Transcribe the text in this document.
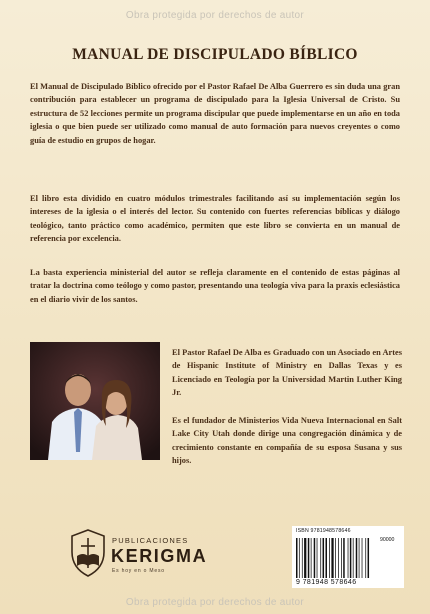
Obra protegida por derechos de autor
MANUAL DE DISCIPULADO BÍBLICO
El Manual de Discipulado Bíblico ofrecido por el Pastor Rafael De Alba Guerrero es sin duda una gran contribución para establecer un programa de discipulado para la Iglesia Universal de Cristo. Su estructura de 52 lecciones permite un programa discipular que puede implementarse en un año en toda iglesia o que bien puede ser utilizado como manual de auto formación para nuevos creyentes o como guía de estudio en grupos de hogar.
El libro esta dividido en cuatro módulos trimestrales facilitando así su implementación según los intereses de la iglesia o el interés del lector. Su contenido con fuertes referencias bíblicas y diálogo teológico, tanto práctico como académico, permiten que este libro se convierta en un manual de referencia por excelencia.
La basta experiencia ministerial del autor se refleja claramente en el contenido de estas páginas al tratar la doctrina como teólogo y como pastor, presentando una teología viva para la praxis eclesiástica en el diario vivir de los santos.
El Pastor Rafael De Alba es Graduado con un Asociado en Artes de Hispanic Institute of Ministry en Dallas Texas y es Licenciado en Teología por la Universidad Martin Luther King Jr.
Es el fundador de Ministerios Vida Nueva Internacional en Salt Lake City Utah donde dirige una congregación dinámica y de crecimiento constante en compañía de su esposa Susana y sus hijos.
PUBLICACIONES
KERIGMA
Es hoy en o Meso
ISBN 9781948578646
90000
9 781948 578646
Obra protegida por derechos de autor
